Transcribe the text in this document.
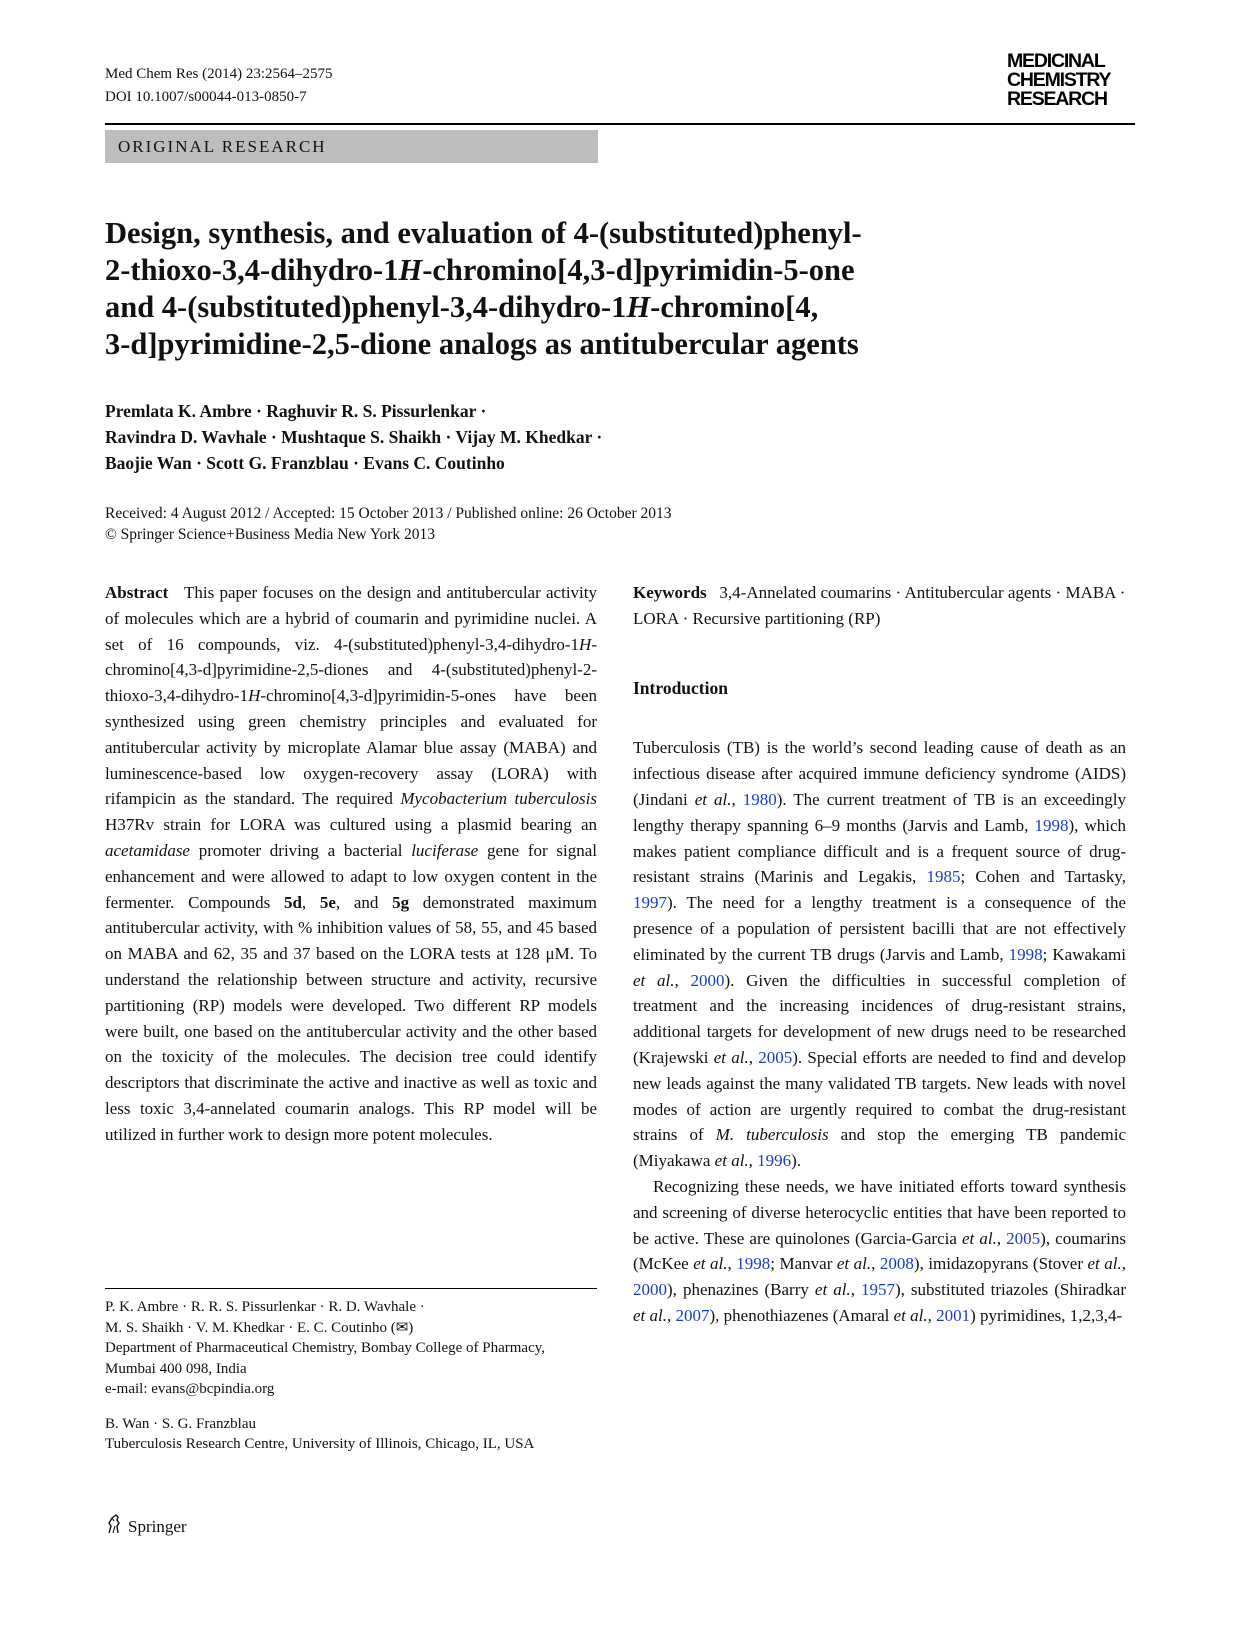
Med Chem Res (2014) 23:2564–2575
DOI 10.1007/s00044-013-0850-7
MEDICINAL
CHEMISTRY
RESEARCH
ORIGINAL RESEARCH
Design, synthesis, and evaluation of 4-(substituted)phenyl-
2-thioxo-3,4-dihydro-1H-chromino[4,3-d]pyrimidin-5-one
and 4-(substituted)phenyl-3,4-dihydro-1H-chromino[4,
3-d]pyrimidine-2,5-dione analogs as antitubercular agents
Premlata K. Ambre · Raghuvir R. S. Pissurlenkar ·
Ravindra D. Wavhale · Mushtaque S. Shaikh · Vijay M. Khedkar ·
Baojie Wan · Scott G. Franzblau · Evans C. Coutinho
Received: 4 August 2012 / Accepted: 15 October 2013 / Published online: 26 October 2013
© Springer Science+Business Media New York 2013

Abstract This paper focuses on the design and antitubercular activity of molecules which are a hybrid of coumarin and pyrimidine nuclei. A set of 16 compounds, viz. 4-(substituted)phenyl-3,4-dihydro-1H-chromino[4,3-d]pyrimidine-2,5-diones and 4-(substituted)phenyl-2-thioxo-3,4-dihydro-1H-chromino[4,3-d]pyrimidin-5-ones have been synthesized using green chemistry principles and evaluated for antitubercular activity by microplate Alamar blue assay (MABA) and luminescence-based low oxygen-recovery assay (LORA) with rifampicin as the standard. The required Mycobacterium tuberculosis H37Rv strain for LORA was cultured using a plasmid bearing an acetamidase promoter driving a bacterial luciferase gene for signal enhancement and were allowed to adapt to low oxygen content in the fermenter. Compounds 5d, 5e, and 5g demonstrated maximum antitubercular activity, with % inhibition values of 58, 55, and 45 based on MABA and 62, 35 and 37 based on the LORA tests at 128 μM. To understand the relationship between structure and activity, recursive partitioning (RP) models were developed. Two different RP models were built, one based on the antitubercular activity and the other based on the toxicity of the molecules. The decision tree could identify descriptors that discriminate the active and inactive as well as toxic and less toxic 3,4-annelated coumarin analogs. This RP model will be utilized in further work to design more potent molecules.

P. K. Ambre · R. R. S. Pissurlenkar · R. D. Wavhale ·

M. S. Shaikh · V. M. Khedkar · E. C. Coutinho (✉)

Department of Pharmaceutical Chemistry, Bombay College of Pharmacy, Mumbai 400 098, India

e-mail: evans@bcpindia.org

B. Wan · S. G. Franzblau

Tuberculosis Research Centre, University of Illinois, Chicago, IL, USA

Keywords 3,4-Annelated coumarins · Antitubercular agents · MABA · LORA · Recursive partitioning (RP)

Introduction

Tuberculosis (TB) is the world’s second leading cause of death as an infectious disease after acquired immune deficiency syndrome (AIDS) (Jindani et al., 1980). The current treatment of TB is an exceedingly lengthy therapy spanning 6–9 months (Jarvis and Lamb, 1998), which makes patient compliance difficult and is a frequent source of drug-resistant strains (Marinis and Legakis, 1985; Cohen and Tartasky, 1997). The need for a lengthy treatment is a consequence of the presence of a population of persistent bacilli that are not effectively eliminated by the current TB drugs (Jarvis and Lamb, 1998; Kawakami et al., 2000). Given the difficulties in successful completion of treatment and the increasing incidences of drug-resistant strains, additional targets for development of new drugs need to be researched (Krajewski et al., 2005). Special efforts are needed to find and develop new leads against the many validated TB targets. New leads with novel modes of action are urgently required to combat the drug-resistant strains of M. tuberculosis and stop the emerging TB pandemic (Miyakawa et al., 1996).

Recognizing these needs, we have initiated efforts toward synthesis and screening of diverse heterocyclic entities that have been reported to be active. These are quinolones (Garcia-Garcia et al., 2005), coumarins (McKee et al., 1998; Manvar et al., 2008), imidazopyrans (Stover et al., 2000), phenazines (Barry et al., 1957), substituted triazoles (Shiradkar et al., 2007), phenothiazenes (Amaral et al., 2001) pyrimidines, 1,2,3,4-

Springer
